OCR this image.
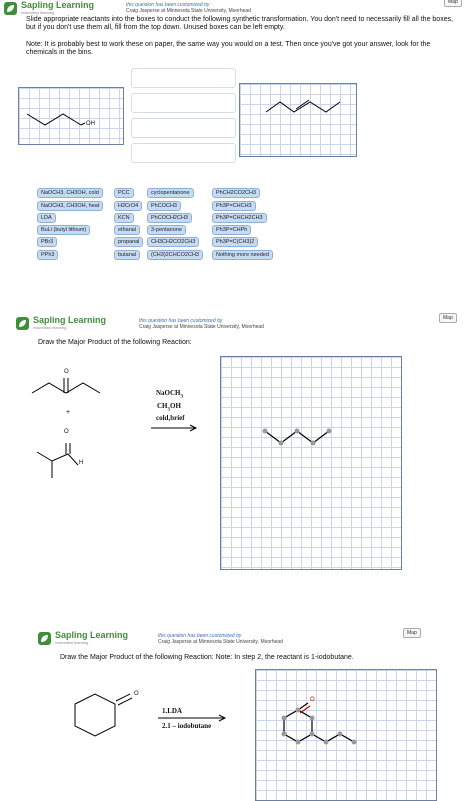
Sapling Learning
macmillan learning
this question has been customized by
Craig Jasperse at Minnesota State University, Moorhead
Map
Slide appropriate reactants into the boxes to conduct the following synthetic transformation. You don't need to necessarily fill all the boxes, but if you don't use them all, fill from the top down. Unused boxes can be left empty.
Note: It is probably best to work these on paper, the same way you would on a test. Then once you've got your answer, look for the chemicals in the bins.
OH
NaOCH3, CH3OH, cold
NaOCH3, CH3OH, heat
LDA
BuLi (butyl lithium)
PBr3
PPh3
PCC
H2CrO4
KCN
ethanal
propanal
butanal
cyclopentanone
PhCOCH3
PhCOCH2CH3
3-pentanone
CH3CH2CO2CH3
(CH3)2CHCO2CH3
PhCH2CO2CH3
Ph3P=CHCH3
Ph3P=CHCH2CH3
Ph3P=CHPh
Ph3P=C(CH3)2
Nothing more needed
Sapling Learning
macmillan learning
this question has been customized by
Craig Jasperse at Minnesota State University, Moorhead
Map
Draw the Major Product of the following Reaction:
O
+
O
H
NaOCH$_3$
$CH_3OH$
cold,brief
Sapling Learning
macmillan learning
this question has been customized by
Craig Jasperse at Minnesota State University, Moorhead
Map
Draw the Major Product of the following Reaction: Note: In step 2, the reactant is 1-iodobutane.
O
1.LDA
2.1 – iodobutane
O
